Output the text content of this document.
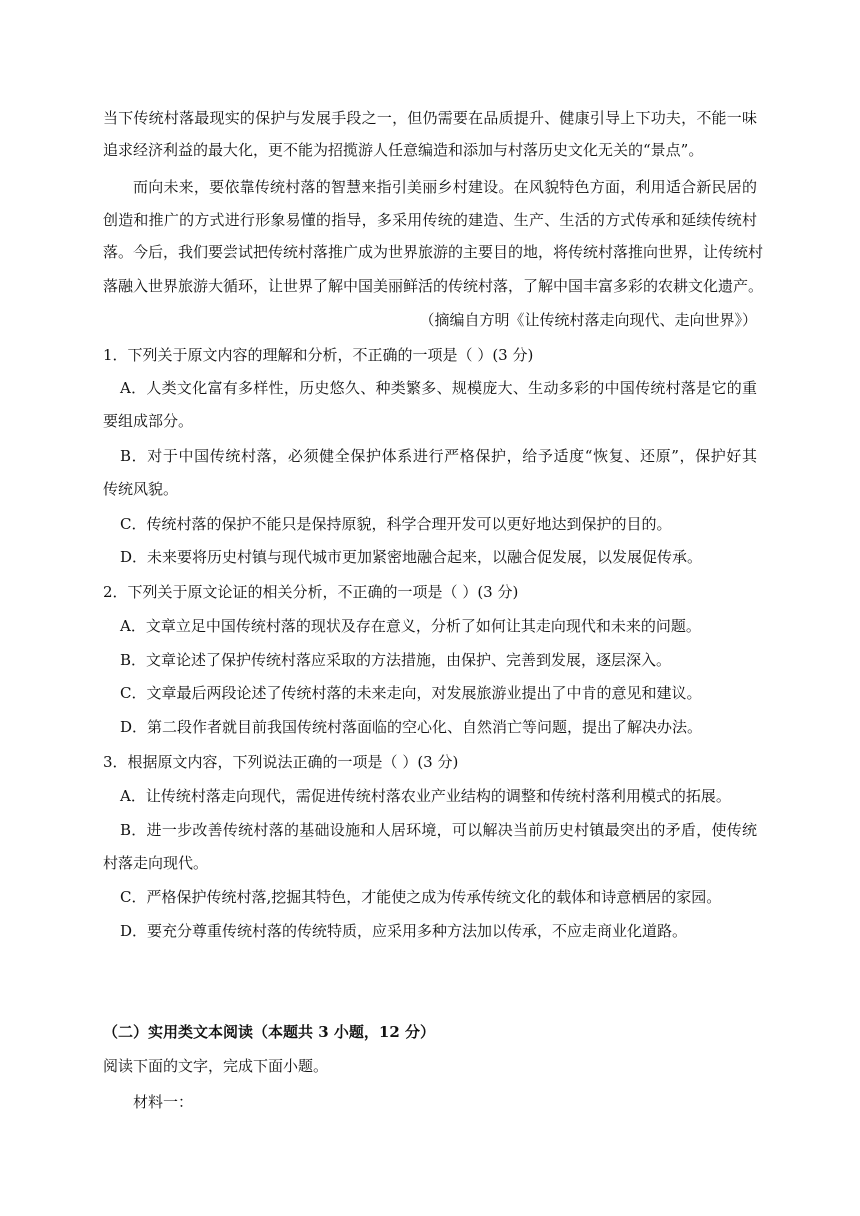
当下传统村落最现实的保护与发展手段之一，但仍需要在品质提升、健康引导上下功夫，不能一味
追求经济利益的最大化，更不能为招揽游人任意编造和添加与村落历史文化无关的“景点”。
而向未来，要依靠传统村落的智慧来指引美丽乡村建设。在风貌特色方面，利用适合新民居的
创造和推广的方式进行形象易懂的指导，多采用传统的建造、生产、生活的方式传承和延续传统村
落。今后，我们要尝试把传统村落推广成为世界旅游的主要目的地，将传统村落推向世界，让传统村
落融入世界旅游大循环，让世界了解中国美丽鲜活的传统村落，了解中国丰富多彩的农耕文化遗产。
（摘编自方明《让传统村落走向现代、走向世界》）
1．下列关于原文内容的理解和分析，不正确的一项是（ ）(3 分)
A．人类文化富有多样性，历史悠久、种类繁多、规模庞大、生动多彩的中国传统村落是它的重
要组成部分。
B．对于中国传统村落，必须健全保护体系进行严格保护，给予适度“恢复、还原”，保护好其
传统风貌。
C．传统村落的保护不能只是保持原貌，科学合理开发可以更好地达到保护的目的。
D．未来要将历史村镇与现代城市更加紧密地融合起来，以融合促发展，以发展促传承。
2．下列关于原文论证的相关分析，不正确的一项是（ ）(3 分)
A．文章立足中国传统村落的现状及存在意义，分析了如何让其走向现代和未来的问题。
B．文章论述了保护传统村落应采取的方法措施，由保护、完善到发展，逐层深入。
C．文章最后两段论述了传统村落的未来走向，对发展旅游业提出了中肯的意见和建议。
D．第二段作者就目前我国传统村落面临的空心化、自然消亡等问题，提出了解决办法。
3．根据原文内容，下列说法正确的一项是（ ）(3 分)
A．让传统村落走向现代，需促进传统村落农业产业结构的调整和传统村落利用模式的拓展。
B．进一步改善传统村落的基础设施和人居环境，可以解决当前历史村镇最突出的矛盾，使传统
村落走向现代。
C．严格保护传统村落,挖掘其特色，才能使之成为传承传统文化的载体和诗意栖居的家园。
D．要充分尊重传统村落的传统特质，应采用多种方法加以传承，不应走商业化道路。
（二）实用类文本阅读（本题共 3 小题，12 分）
阅读下面的文字，完成下面小题。
材料一：
